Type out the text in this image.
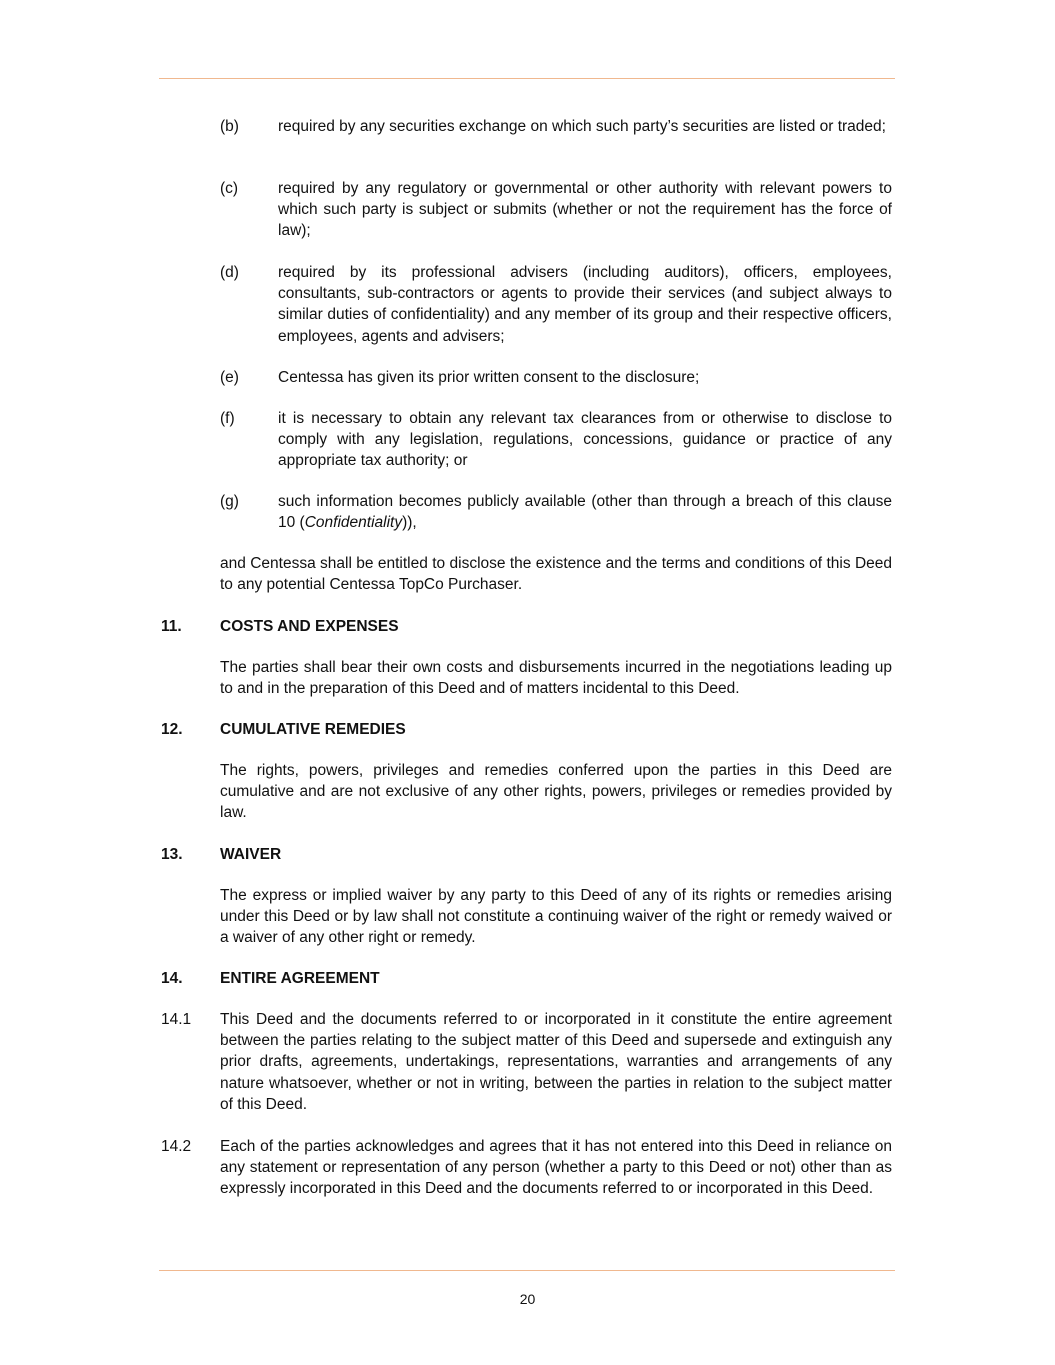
(b)	required by any securities exchange on which such party’s securities are listed or traded;
(c)	required by any regulatory or governmental or other authority with relevant powers to which such party is subject or submits (whether or not the requirement has the force of law);
(d)	required by its professional advisers (including auditors), officers, employees, consultants, sub-contractors or agents to provide their services (and subject always to similar duties of confidentiality) and any member of its group and their respective officers, employees, agents and advisers;
(e)	Centessa has given its prior written consent to the disclosure;
(f)	it is necessary to obtain any relevant tax clearances from or otherwise to disclose to comply with any legislation, regulations, concessions, guidance or practice of any appropriate tax authority; or
(g)	such information becomes publicly available (other than through a breach of this clause 10 (Confidentiality)),
and Centessa shall be entitled to disclose the existence and the terms and conditions of this Deed to any potential Centessa TopCo Purchaser.
11. COSTS AND EXPENSES
The parties shall bear their own costs and disbursements incurred in the negotiations leading up to and in the preparation of this Deed and of matters incidental to this Deed.
12. CUMULATIVE REMEDIES
The rights, powers, privileges and remedies conferred upon the parties in this Deed are cumulative and are not exclusive of any other rights, powers, privileges or remedies provided by law.
13. WAIVER
The express or implied waiver by any party to this Deed of any of its rights or remedies arising under this Deed or by law shall not constitute a continuing waiver of the right or remedy waived or a waiver of any other right or remedy.
14. ENTIRE AGREEMENT
14.1 This Deed and the documents referred to or incorporated in it constitute the entire agreement between the parties relating to the subject matter of this Deed and supersede and extinguish any prior drafts, agreements, undertakings, representations, warranties and arrangements of any nature whatsoever, whether or not in writing, between the parties in relation to the subject matter of this Deed.
14.2 Each of the parties acknowledges and agrees that it has not entered into this Deed in reliance on any statement or representation of any person (whether a party to this Deed or not) other than as expressly incorporated in this Deed and the documents referred to or incorporated in this Deed.
20
